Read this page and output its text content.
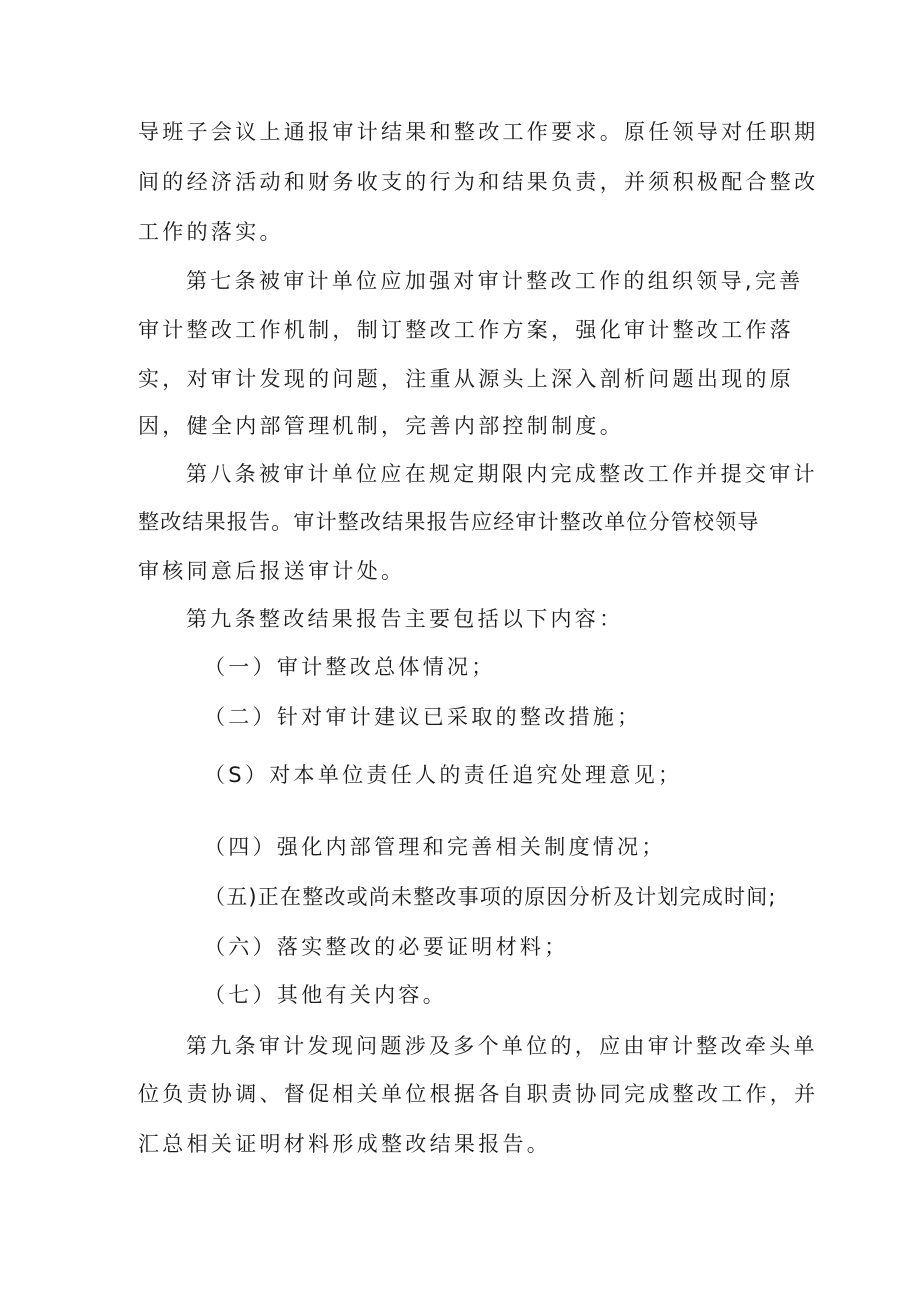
导班子会议上通报审计结果和整改工作要求。原任领导对任职期
间的经济活动和财务收支的行为和结果负责，并须积极配合整改
工作的落实。
第七条被审计单位应加强对审计整改工作的组织领导,完善
审计整改工作机制，制订整改工作方案，强化审计整改工作落
实，对审计发现的问题，注重从源头上深入剖析问题出现的原
因，健全内部管理机制，完善内部控制制度。
第八条被审计单位应在规定期限内完成整改工作并提交审计
整改结果报告。审计整改结果报告应经审计整改单位分管校领导
审核同意后报送审计处。
第九条整改结果报告主要包括以下内容：
（一）审计整改总体情况；
（二）针对审计建议已采取的整改措施；
（S）对本单位责任人的责任追究处理意见；
（四）强化内部管理和完善相关制度情况；
（五)正在整改或尚未整改事项的原因分析及计划完成时间;
（六）落实整改的必要证明材料；
（七）其他有关内容。
第九条审计发现问题涉及多个单位的，应由审计整改牵头单
位负责协调、督促相关单位根据各自职责协同完成整改工作，并
汇总相关证明材料形成整改结果报告。
